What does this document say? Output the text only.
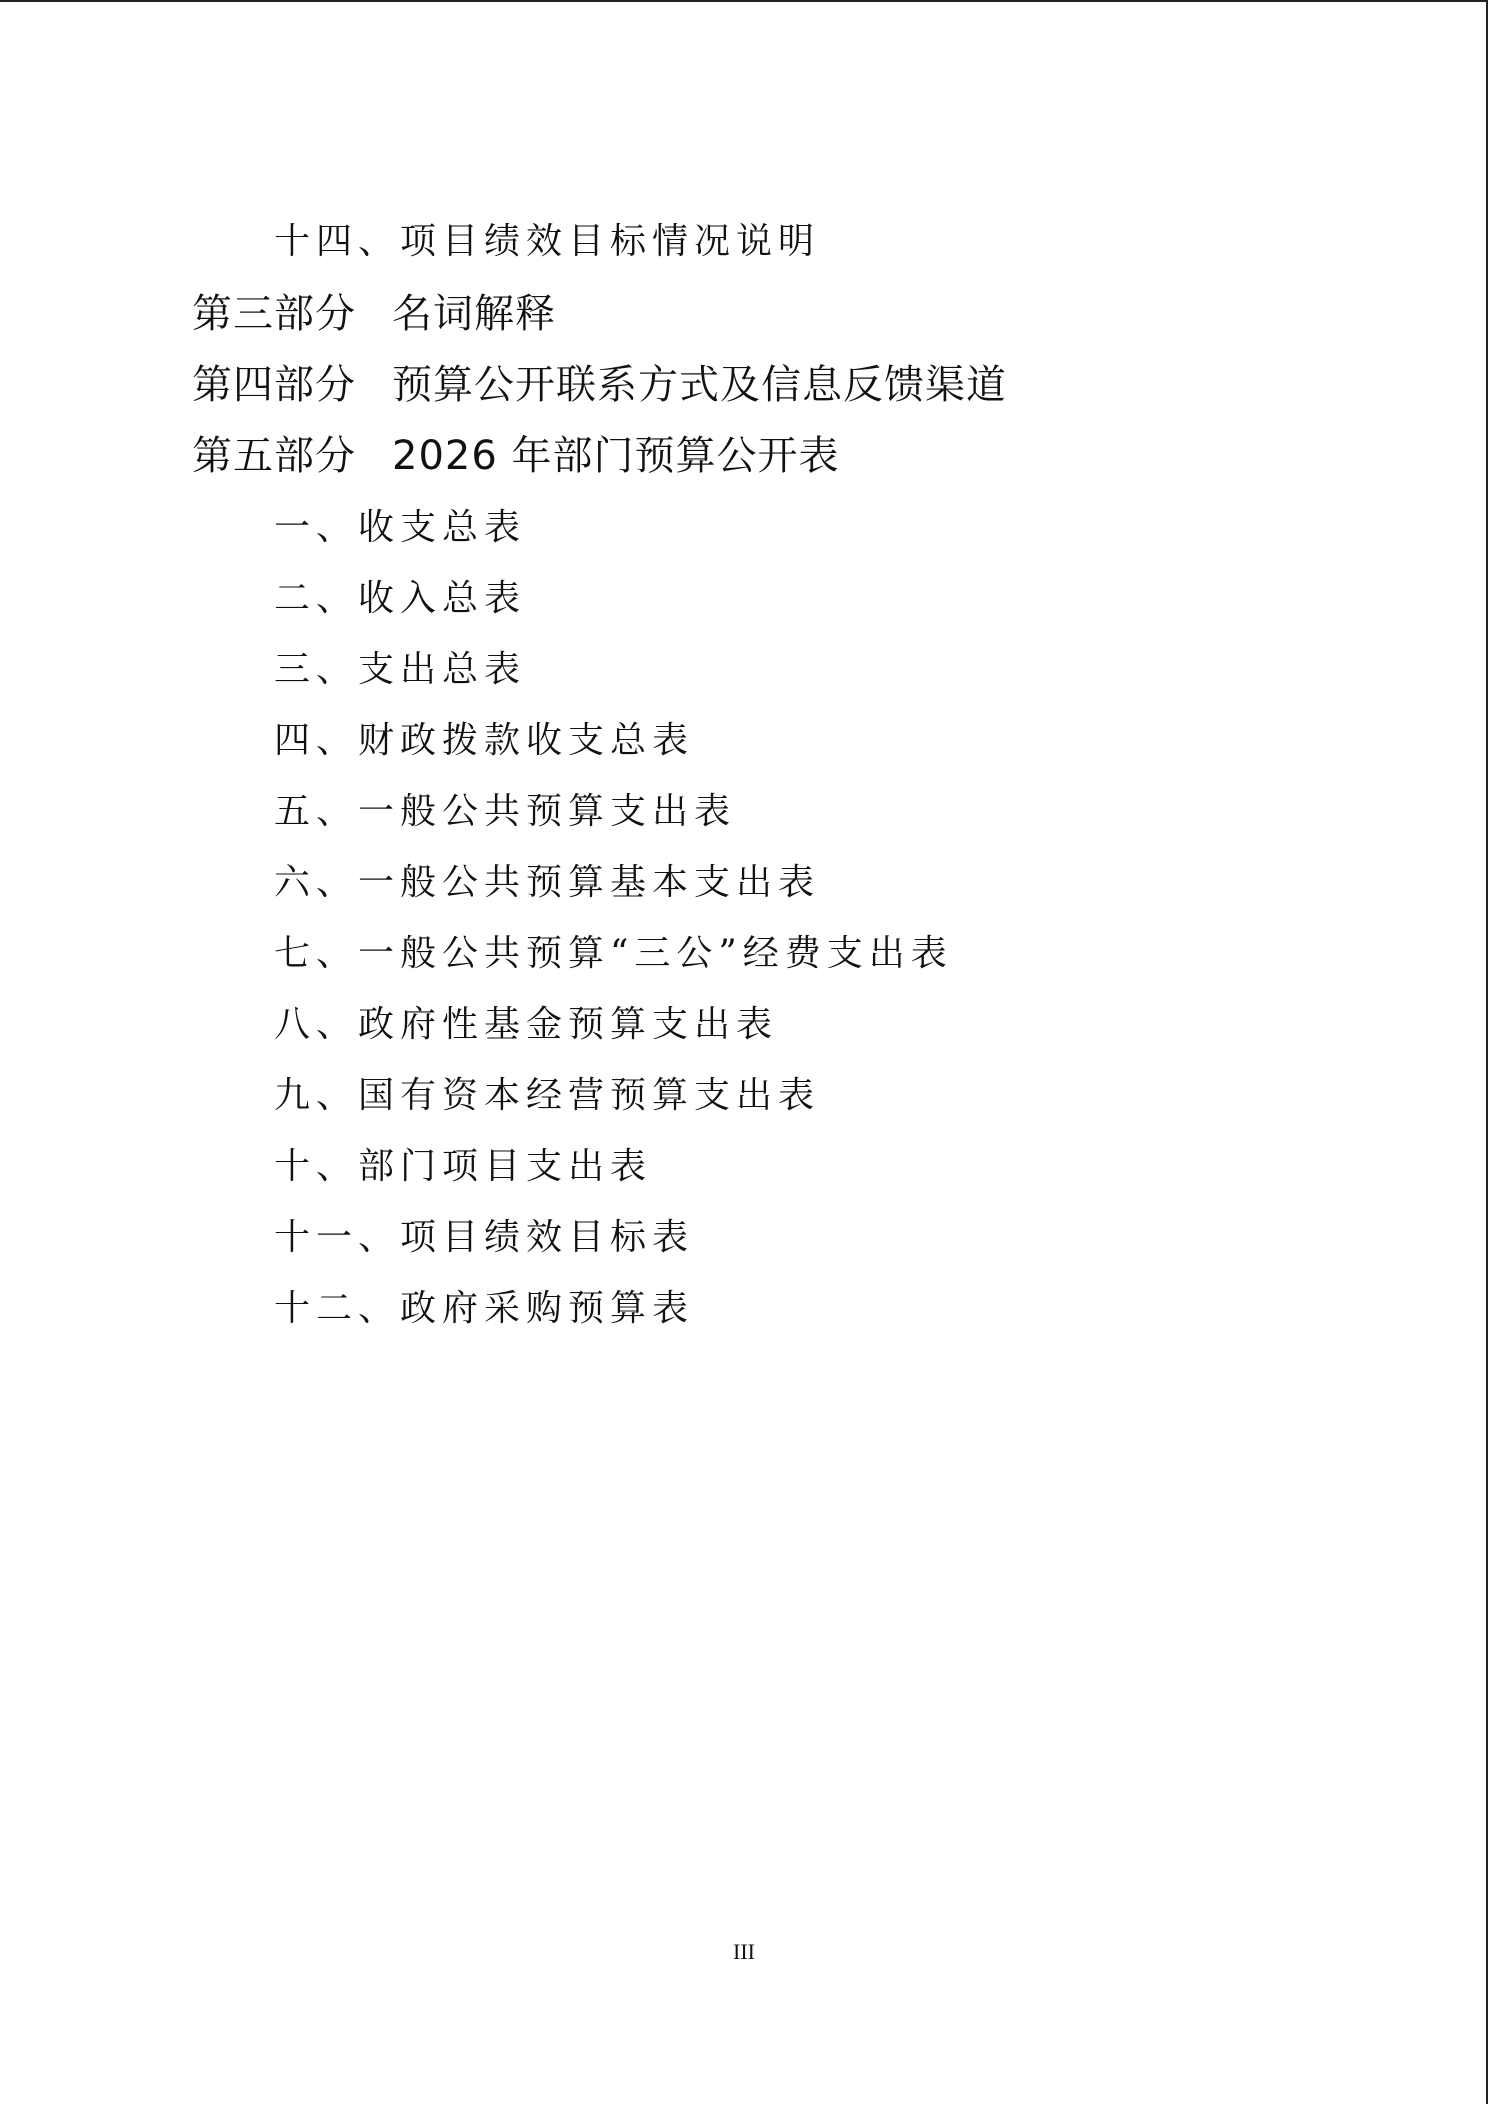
十四、项目绩效目标情况说明
第三部分 名词解释
第四部分 预算公开联系方式及信息反馈渠道
第五部分 2026 年部门预算公开表
一、收支总表
二、收入总表
三、支出总表
四、财政拨款收支总表
五、一般公共预算支出表
六、一般公共预算基本支出表
七、一般公共预算“三公”经费支出表
八、政府性基金预算支出表
九、国有资本经营预算支出表
十、部门项目支出表
十一、项目绩效目标表
十二、政府采购预算表
III
